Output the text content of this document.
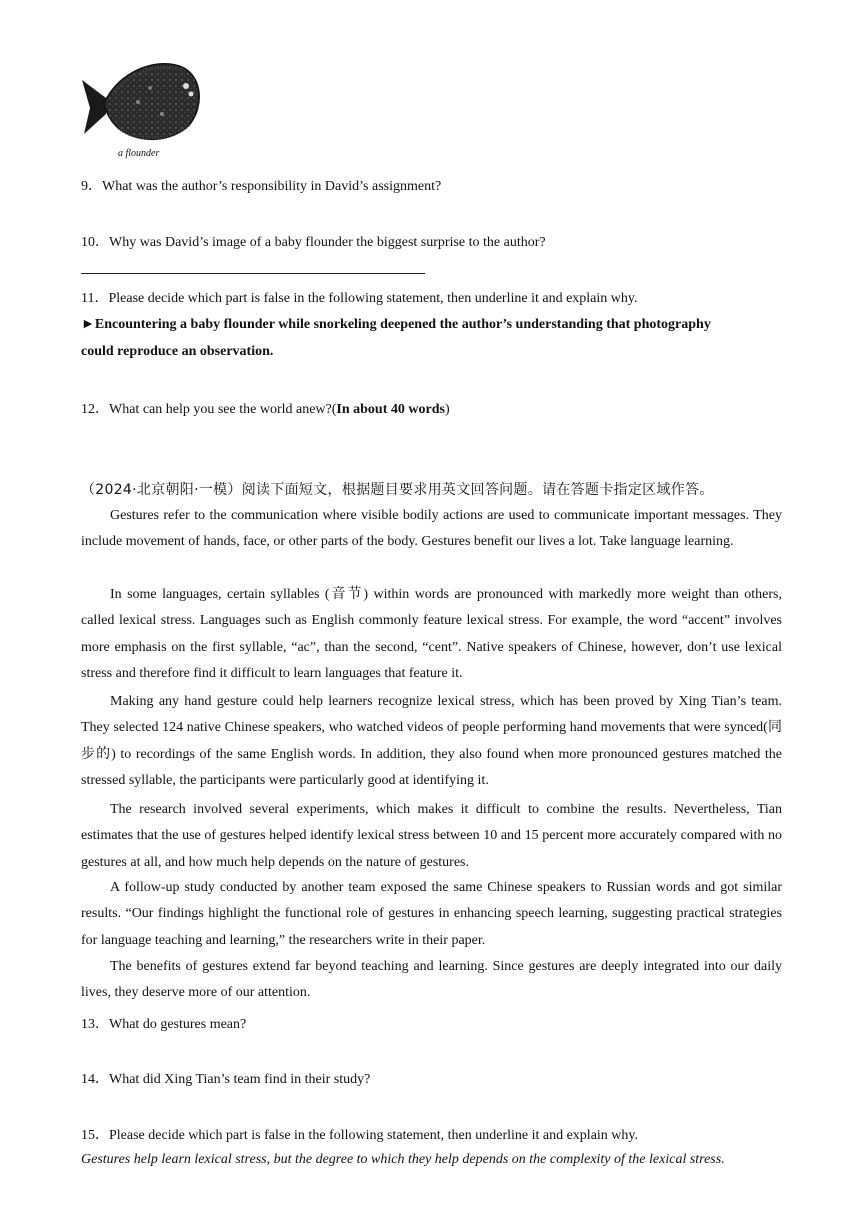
a flounder
9．What was the author’s responsibility in David’s assignment?
10．Why was David’s image of a baby flounder the biggest surprise to the author?
11．Please decide which part is false in the following statement, then underline it and explain why.
►Encountering a baby flounder while snorkeling deepened the author’s understanding that photography
could reproduce an observation.
12．What can help you see the world anew?(In about 40 words)
（2024·北京朝阳·一模）阅读下面短文，根据题目要求用英文回答问题。请在答题卡指定区域作答。

Gestures refer to the communication where visible bodily actions are used to communicate important messages. They include movement of hands, face, or other parts of the body. Gestures benefit our lives a lot. Take language learning.

In some languages, certain syllables (音节) within words are pronounced with markedly more weight than others, called lexical stress. Languages such as English commonly feature lexical stress. For example, the word “accent” involves more emphasis on the first syllable, “ac”, than the second, “cent”. Native speakers of Chinese, however, don’t use lexical stress and therefore find it difficult to learn languages that feature it.

Making any hand gesture could help learners recognize lexical stress, which has been proved by Xing Tian’s team. They selected 124 native Chinese speakers, who watched videos of people performing hand movements that were synced(同步的) to recordings of the same English words. In addition, they also found when more pronounced gestures matched the stressed syllable, the participants were particularly good at identifying it.

The research involved several experiments, which makes it difficult to combine the results. Nevertheless, Tian estimates that the use of gestures helped identify lexical stress between 10 and 15 percent more accurately compared with no gestures at all, and how much help depends on the nature of gestures.

A follow-up study conducted by another team exposed the same Chinese speakers to Russian words and got similar results. “Our findings highlight the functional role of gestures in enhancing speech learning, suggesting practical strategies for language teaching and learning,” the researchers write in their paper.

The benefits of gestures extend far beyond teaching and learning. Since gestures are deeply integrated into our daily lives, they deserve more of our attention.

13．What do gestures mean?
14．What did Xing Tian’s team find in their study?
15．Please decide which part is false in the following statement, then underline it and explain why.
Gestures help learn lexical stress, but the degree to which they help depends on the complexity of the lexical stress.
